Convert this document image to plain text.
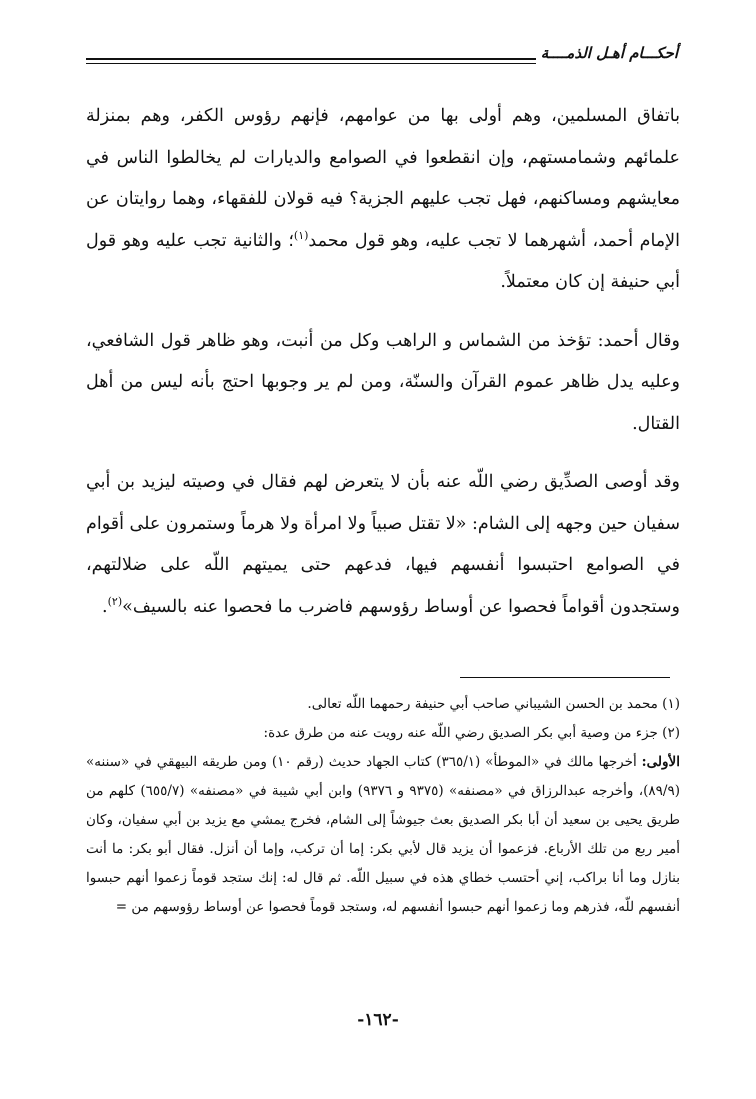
أحكـــام أهـل الذمــــة

باتفاق المسلمين، وهم أولى بها من عوامهم، فإنهم رؤوس الكفر، وهم بمنزلة علمائهم وشمامستهم، وإن انقطعوا في الصوامع والديارات لم يخالطوا الناس في معايشهم ومساكنهم، فهل تجب عليهم الجزية؟ فيه قولان للفقهاء، وهما روايتان عن الإمام أحمد، أشهرهما لا تجب عليه، وهو قول محمد$^{(١)}$؛ والثانية تجب عليه وهو قول أبي حنيفة إن كان معتملاً.

وقال أحمد: تؤخذ من الشماس و الراهب وكل من أنبت، وهو ظاهر قول الشافعي، وعليه يدل ظاهر عموم القرآن والسنّة، ومن لم ير وجوبها احتج بأنه ليس من أهل القتال.

وقد أوصى الصدِّيق رضي اللّه عنه بأن لا يتعرض لهم فقال في وصيته ليزيد بن أبي سفيان حين وجهه إلى الشام: «لا تقتل صبياً ولا امرأة ولا هرماً وستمرون على أقوام في الصوامع احتبسوا أنفسهم فيها، فدعهم حتى يميتهم اللّه على ضلالتهم، وستجدون أقواماً فحصوا عن أوساط رؤوسهم فاضرب ما فحصوا عنه بالسيف»$^{(٢)}$.

(١) محمد بن الحسن الشيباني صاحب أبي حنيفة رحمهما اللّه تعالى.

(٢) جزء من وصية أبي بكر الصديق رضي اللّه عنه رويت عنه من طرق عدة:

الأولى: أخرجها مالك في «الموطأ» (٣٦٥/١) كتاب الجهاد حديث (رقم ١٠) ومن طريقه البيهقي في «سننه» (٨٩/٩)، وأخرجه عبدالرزاق في «مصنفه» (٩٣٧٥ و ٩٣٧٦) وابن أبي شيبة في «مصنفه» (٦٥٥/٧) كلهم من طريق يحيى بن سعيد أن أبا بكر الصديق بعث جيوشاً إلى الشام، فخرج يمشي مع يزيد بن أبي سفيان، وكان أمير ربع من تلك الأرباع. فزعموا أن يزيد قال لأبي بكر: إما أن تركب، وإما أن أنزل. فقال أبو بكر: ما أنت بنازل وما أنا براكب، إني أحتسب خطاي هذه في سبيل اللّه. ثم قال له: إنك ستجد قوماً زعموا أنهم حبسوا أنفسهم للّه، فذرهم وما زعموا أنهم حبسوا أنفسهم له، وستجد قوماً فحصوا عن أوساط رؤوسهم من =

-١٦٢-
